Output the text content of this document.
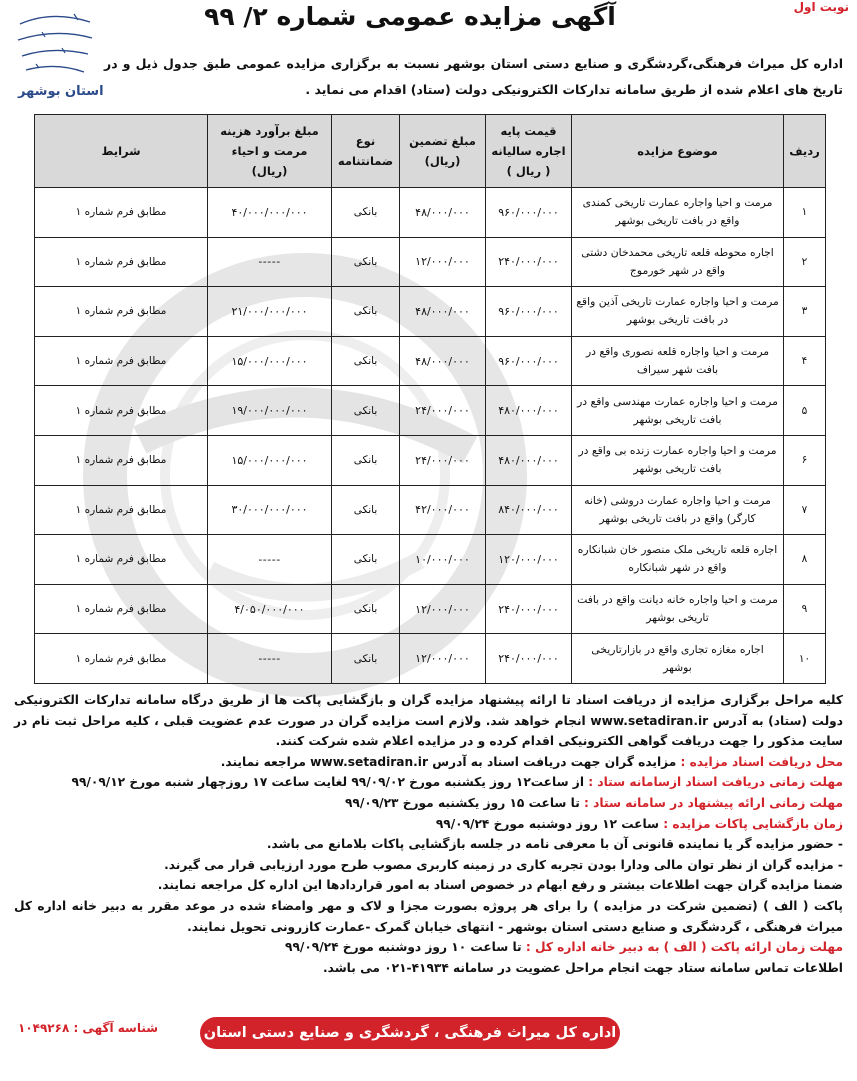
نوبت اول
آگهی مزایده عمومی شماره ۲/ ۹۹
استان بوشهر
اداره کل میراث فرهنگی،گردشگری و صنایع دستی استان بوشهر نسبت به برگزاری مزایده عمومی طبق جدول ذیل و در تاریخ های اعلام شده از طریق سامانه تدارکات الکترونیکی دولت (ستاد) اقدام می نماید .
ردیف	موضوع مزایده	قیمت پایه اجاره سالیانه ( ریال )	مبلغ تضمین (ریال)	نوع ضمانتنامه	مبلغ برآورد هزینه مرمت و احیاء (ریال)	شرایط
۱	مرمت و احیا واجاره عمارت تاریخی کمندی واقع در بافت تاریخی بوشهر	۹۶۰/۰۰۰/۰۰۰	۴۸/۰۰۰/۰۰۰	بانکی	۴۰/۰۰۰/۰۰۰/۰۰۰	مطابق فرم شماره ۱
۲	اجاره محوطه قلعه تاریخی محمدخان دشتی واقع در شهر خورموج	۲۴۰/۰۰۰/۰۰۰	۱۲/۰۰۰/۰۰۰	بانکی	-----	مطابق فرم شماره ۱
۳	مرمت و احیا واجاره عمارت تاریخی آذین واقع در بافت تاریخی بوشهر	۹۶۰/۰۰۰/۰۰۰	۴۸/۰۰۰/۰۰۰	بانکی	۲۱/۰۰۰/۰۰۰/۰۰۰	مطابق فرم شماره ۱
۴	مرمت و احیا واجاره قلعه نصوری واقع در بافت شهر سیراف	۹۶۰/۰۰۰/۰۰۰	۴۸/۰۰۰/۰۰۰	بانکی	۱۵/۰۰۰/۰۰۰/۰۰۰	مطابق فرم شماره ۱
۵	مرمت و احیا واجاره عمارت مهندسی واقع در بافت تاریخی بوشهر	۴۸۰/۰۰۰/۰۰۰	۲۴/۰۰۰/۰۰۰	بانکی	۱۹/۰۰۰/۰۰۰/۰۰۰	مطابق فرم شماره ۱
۶	مرمت و احیا واجاره عمارت زنده بی واقع در بافت تاریخی بوشهر	۴۸۰/۰۰۰/۰۰۰	۲۴/۰۰۰/۰۰۰	بانکی	۱۵/۰۰۰/۰۰۰/۰۰۰	مطابق فرم شماره ۱
۷	مرمت و احیا واجاره عمارت دروشی (خانه کارگر) واقع در بافت تاریخی بوشهر	۸۴۰/۰۰۰/۰۰۰	۴۲/۰۰۰/۰۰۰	بانکی	۳۰/۰۰۰/۰۰۰/۰۰۰	مطابق فرم شماره ۱
۸	اجاره قلعه تاریخی ملک منصور خان شبانکاره واقع در شهر شبانکاره	۱۲۰/۰۰۰/۰۰۰	۱۰/۰۰۰/۰۰۰	بانکی	-----	مطابق فرم شماره ۱
۹	مرمت و احیا واجاره خانه دیانت واقع در بافت تاریخی بوشهر	۲۴۰/۰۰۰/۰۰۰	۱۲/۰۰۰/۰۰۰	بانکی	۴/۰۵۰/۰۰۰/۰۰۰	مطابق فرم شماره ۱
۱۰	اجاره مغازه تجاری واقع در بازارتاریخی بوشهر	۲۴۰/۰۰۰/۰۰۰	۱۲/۰۰۰/۰۰۰	بانکی	-----	مطابق فرم شماره ۱

کلیه مراحل برگزاری مزایده از دریافت اسناد تا ارائه پیشنهاد مزایده گران و بازگشایی پاکت ها از طریق درگاه سامانه تدارکات الکترونیکی دولت (ستاد) به آدرس www.setadiran.ir انجام خواهد شد. ولازم است مزایده گران در صورت عدم عضویت قبلی ، کلیه مراحل ثبت نام در سایت مذکور را جهت دریافت گواهی الکترونیکی اقدام کرده و در مزایده اعلام شده شرکت کنند.

محل دریافت اسناد مزایده : مزایده گران جهت دریافت اسناد به آدرس www.setadiran.ir مراجعه نمایند.

مهلت زمانی دریافت اسناد ازسامانه ستاد : از ساعت۱۲ روز یکشنبه مورخ ۹۹/۰۹/۰۲ لغایت ساعت ۱۷ روزچهار شنبه مورخ ۹۹/۰۹/۱۲

مهلت زمانی ارائه پیشنهاد در سامانه ستاد : تا ساعت ۱۵ روز یکشنبه مورخ ۹۹/۰۹/۲۳

زمان بازگشایی پاکات مزایده : ساعت ۱۲ روز دوشنبه مورخ ۹۹/۰۹/۲۴

- حضور مزایده گر یا نماینده قانونی آن با معرفی نامه در جلسه بازگشایی پاکات بلامانع می باشد.

- مزایده گران از نظر توان مالی ودارا بودن تجربه کاری در زمینه کاربری مصوب طرح مورد ارزیابی قرار می گیرند.

ضمنا مزایده گران جهت اطلاعات بیشتر و رفع ابهام در خصوص اسناد به امور قراردادها این اداره کل مراجعه نمایند.

پاکت ( الف ) (تضمین شرکت در مزایده ) را برای هر پروژه بصورت مجزا و لاک و مهر وامضاء شده در موعد مقرر به دبیر خانه اداره کل میراث فرهنگی ، گردشگری و صنایع دستی استان بوشهر - انتهای خیابان گمرک -عمارت کازرونی تحویل نمایند.

مهلت زمان ارائه پاکت ( الف ) به دبیر خانه اداره کل : تا ساعت ۱۰ روز دوشنبه مورخ ۹۹/۰۹/۲۴

اطلاعات تماس سامانه ستاد جهت انجام مراحل عضویت در سامانه ۴۱۹۳۴-۰۲۱ می باشد.

اداره کل میراث فرهنگی ، گردشگری و صنایع دستی استان بوشهر
شناسه آگهی : ۱۰۴۹۲۶۸
